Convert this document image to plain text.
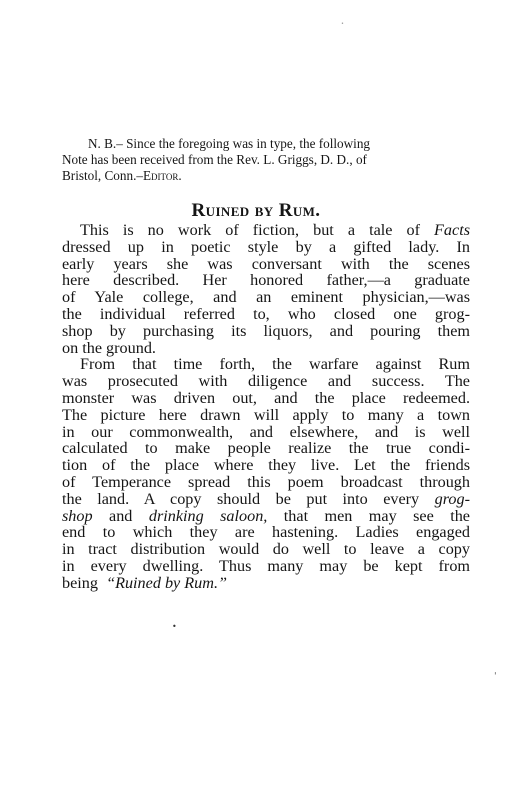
N. B.– Since the foregoing was in type, the following
Note has been received from the Rev. L. Griggs, D. D., of
Bristol, Conn.–Editor.
Ruined by Rum.
This is no work of fiction, but a tale of Facts
dressed up in poetic style by a gifted lady. In
early years she was conversant with the scenes
here described. Her honored father,—a graduate
of Yale college, and an eminent physician,—was
the individual referred to, who closed one grog-
shop by purchasing its liquors, and pouring them
on the ground.
From that time forth, the warfare against Rum
was prosecuted with diligence and success. The
monster was driven out, and the place redeemed.
The picture here drawn will apply to many a town
in our commonwealth, and elsewhere, and is well
calculated to make people realize the true condi-
tion of the place where they live. Let the friends
of Temperance spread this poem broadcast through
the land. A copy should be put into every grog-
shop and drinking saloon, that men may see the
end to which they are hastening. Ladies engaged
in tract distribution would do well to leave a copy
in every dwelling. Thus many may be kept from
being “Ruined by Rum.”
•
ˈ
•
